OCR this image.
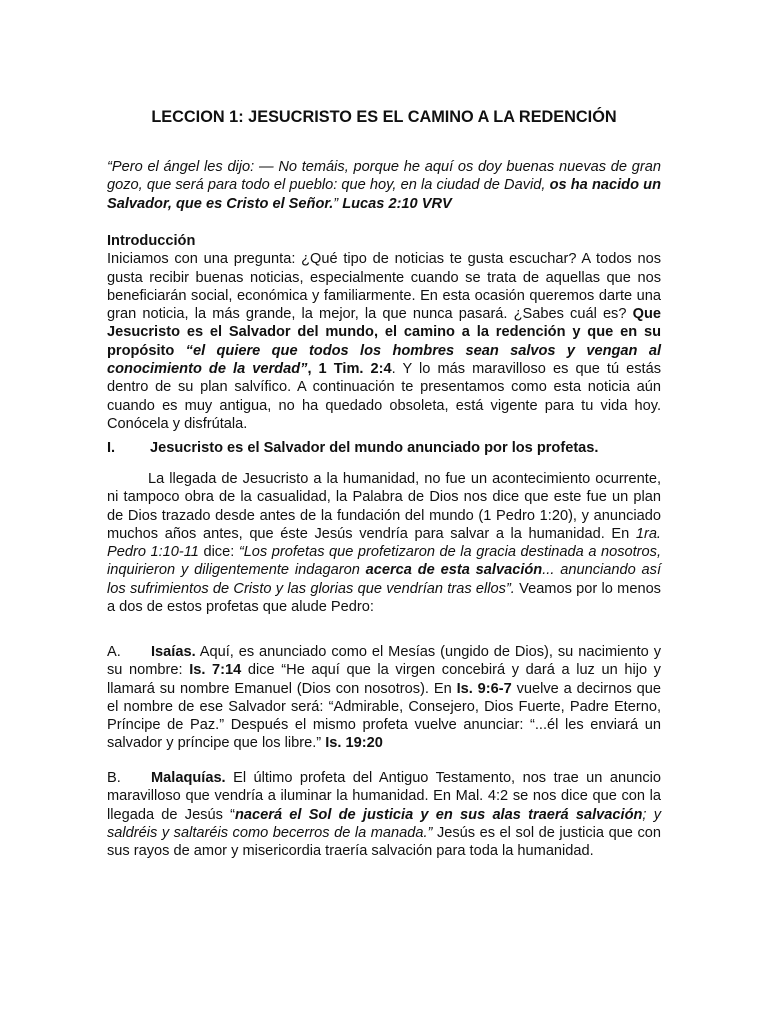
LECCION 1: JESUCRISTO ES EL CAMINO A LA REDENCIÓN

“Pero el ángel les dijo: — No temáis, porque he aquí os doy buenas nuevas de gran gozo, que será para todo el pueblo: que hoy, en la ciudad de David, os ha nacido un Salvador, que es Cristo el Señor.” Lucas 2:10 VRV

Introducción
Iniciamos con una pregunta: ¿Qué tipo de noticias te gusta escuchar? A todos nos gusta recibir buenas noticias, especialmente cuando se trata de aquellas que nos beneficiarán social, económica y familiarmente. En esta ocasión queremos darte una gran noticia, la más grande, la mejor, la que nunca pasará. ¿Sabes cuál es? Que Jesucristo es el Salvador del mundo, el camino a la redención y que en su propósito “el quiere que todos los hombres sean salvos y vengan al conocimiento de la verdad”, 1 Tim. 2:4. Y lo más maravilloso es que tú estás dentro de su plan salvífico. A continuación te presentamos como esta noticia aún cuando es muy antigua, no ha quedado obsoleta, está vigente para tu vida hoy. Conócela y disfrútala.
I. Jesucristo es el Salvador del mundo anunciado por los profetas.

La llegada de Jesucristo a la humanidad, no fue un acontecimiento ocurrente, ni tampoco obra de la casualidad, la Palabra de Dios nos dice que este fue un plan de Dios trazado desde antes de la fundación del mundo (1 Pedro 1:20), y anunciado muchos años antes, que éste Jesús vendría para salvar a la humanidad. En 1ra. Pedro 1:10-11 dice: “Los profetas que profetizaron de la gracia destinada a nosotros, inquirieron y diligentemente indagaron acerca de esta salvación... anunciando así los sufrimientos de Cristo y las glorias que vendrían tras ellos”. Veamos por lo menos a dos de estos profetas que alude Pedro:

A. Isaías. Aquí, es anunciado como el Mesías (ungido de Dios), su nacimiento y su nombre: Is. 7:14 dice “He aquí que la virgen concebirá y dará a luz un hijo y llamará su nombre Emanuel (Dios con nosotros). En Is. 9:6-7 vuelve a decirnos que el nombre de ese Salvador será: “Admirable, Consejero, Dios Fuerte, Padre Eterno, Príncipe de Paz.” Después el mismo profeta vuelve anunciar: “...él les enviará un salvador y príncipe que los libre.” Is. 19:20

B. Malaquías. El último profeta del Antiguo Testamento, nos trae un anuncio maravilloso que vendría a iluminar la humanidad. En Mal. 4:2 se nos dice que con la llegada de Jesús “nacerá el Sol de justicia y en sus alas traerá salvación; y saldréis y saltaréis como becerros de la manada.” Jesús es el sol de justicia que con sus rayos de amor y misericordia traería salvación para toda la humanidad.
